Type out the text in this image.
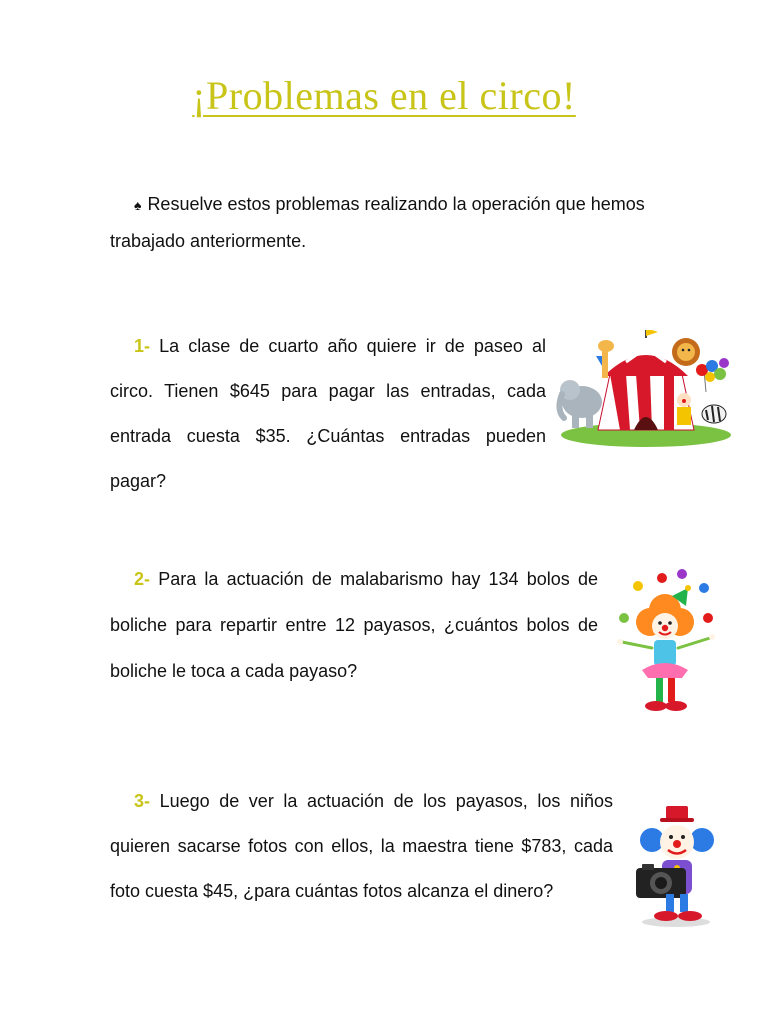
¡Problemas en el circo!

♠ Resuelve estos problemas realizando la operación que hemos trabajado anteriormente.

1- La clase de cuarto año quiere ir de paseo al circo. Tienen $645 para pagar las entradas, cada entrada cuesta $35. ¿Cuántas entradas pueden pagar?

2- Para la actuación de malabarismo hay 134 bolos de boliche para repartir entre 12 payasos, ¿cuántos bolos de boliche le toca a cada payaso?

3- Luego de ver la actuación de los payasos, los niños quieren sacarse fotos con ellos, la maestra tiene $783, cada foto cuesta $45, ¿para cuántas fotos alcanza el dinero?
